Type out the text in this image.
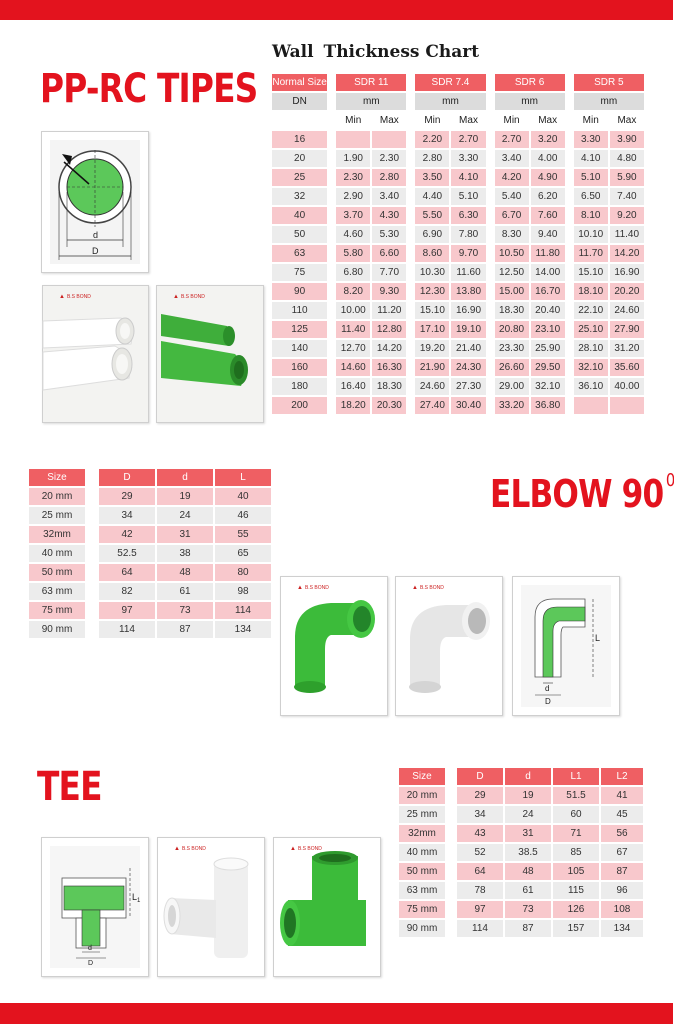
PP-RC TIPES
Wall Thickness Chart
d
D
▲ B.S BOND	▲ B.S BOND
Normal Size		SDR 11			SDR 7.4			SDR 6			SDR 5	
DN		mm			mm			mm			mm	
		Min	Max		Min	Max		Min	Max		Min	Max
16					2.20	2.70		2.70	3.20		3.30	3.90
20		1.90	2.30		2.80	3.30		3.40	4.00		4.10	4.80
25		2.30	2.80		3.50	4.10		4.20	4.90		5.10	5.90
32		2.90	3.40		4.40	5.10		5.40	6.20		6.50	7.40
40		3.70	4.30		5.50	6.30		6.70	7.60		8.10	9.20
50		4.60	5.30		6.90	7.80		8.30	9.40		10.10	11.40
63		5.80	6.60		8.60	9.70		10.50	11.80		11.70	14.20
75		6.80	7.70		10.30	11.60		12.50	14.00		15.10	16.90
90		8.20	9.30		12.30	13.80		15.00	16.70		18.10	20.20
110		10.00	11.20		15.10	16.90		18.30	20.40		22.10	24.60
125		11.40	12.80		17.10	19.10		20.80	23.10		25.10	27.90
140		12.70	14.20		19.20	21.40		23.30	25.90		28.10	31.20
160		14.60	16.30		21.90	24.30		26.60	29.50		32.10	35.60
180		16.40	18.30		24.60	27.30		29.00	32.10		36.10	40.00
200		18.20	20.30		27.40	30.40		33.20	36.80			
Size		D	d	L
20 mm		29	19	40
25 mm		34	24	46
32mm		42	31	55
40 mm		52.5	38	65
50 mm		64	48	80
63 mm		82	61	98
75 mm		97	73	114
90 mm		114	87	134
ELBOW 90 $^0$
▲ B.S BOND	▲ B.S BOND
L
d
D
TEE	Size		D	d	L1	L2
20 mm		29	19	51.5	41
25 mm		34	24	60	45
32mm		43	31	71	56
40 mm		52	38.5	85	67
50 mm		64	48	105	87
63 mm		78	61	115	96
75 mm		97	73	126	108
90 mm		114	87	157	134
$L_1$
d
D
▲ B.S BOND	▲ B.S BOND
